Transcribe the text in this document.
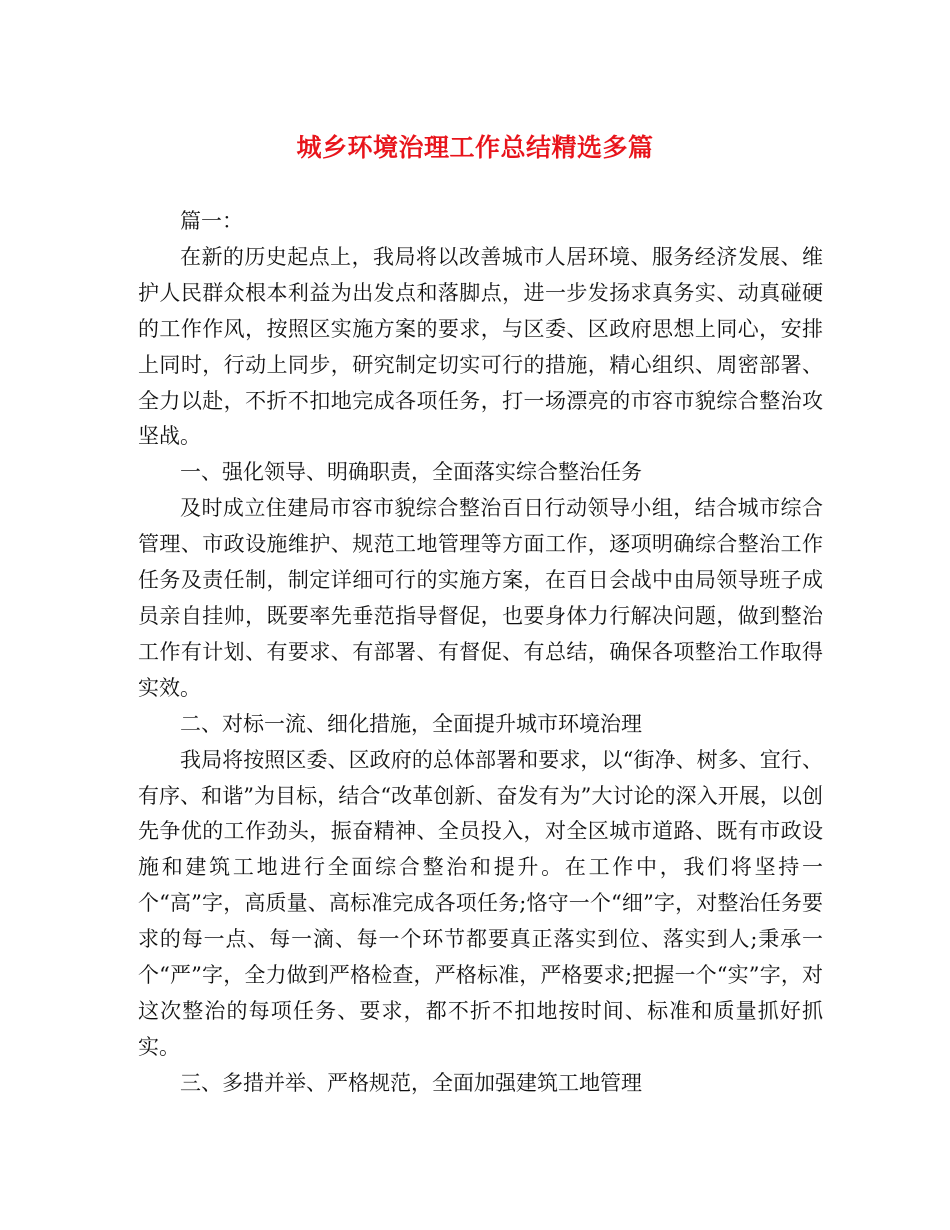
城乡环境治理工作总结精选多篇

篇一：

在新的历史起点上，我局将以改善城市人居环境、服务经济发展、维护人民群众根本利益为出发点和落脚点，进一步发扬求真务实、动真碰硬的工作作风，按照区实施方案的要求，与区委、区政府思想上同心，安排上同时，行动上同步，研究制定切实可行的措施，精心组织、周密部署、全力以赴，不折不扣地完成各项任务，打一场漂亮的市容市貌综合整治攻坚战。

一、强化领导、明确职责，全面落实综合整治任务

及时成立住建局市容市貌综合整治百日行动领导小组，结合城市综合管理、市政设施维护、规范工地管理等方面工作，逐项明确综合整治工作任务及责任制，制定详细可行的实施方案，在百日会战中由局领导班子成员亲自挂帅，既要率先垂范指导督促，也要身体力行解决问题，做到整治工作有计划、有要求、有部署、有督促、有总结，确保各项整治工作取得实效。

二、对标一流、细化措施，全面提升城市环境治理

我局将按照区委、区政府的总体部署和要求，以“街净、树多、宜行、有序、和谐”为目标，结合“改革创新、奋发有为”大讨论的深入开展，以创先争优的工作劲头，振奋精神、全员投入，对全区城市道路、既有市政设施和建筑工地进行全面综合整治和提升。在工作中，我们将坚持一个“高”字，高质量、高标准完成各项任务;恪守一个“细”字，对整治任务要求的每一点、每一滴、每一个环节都要真正落实到位、落实到人;秉承一个“严”字，全力做到严格检查，严格标准，严格要求;把握一个“实”字，对这次整治的每项任务、要求，都不折不扣地按时间、标准和质量抓好抓实。

三、多措并举、严格规范，全面加强建筑工地管理
